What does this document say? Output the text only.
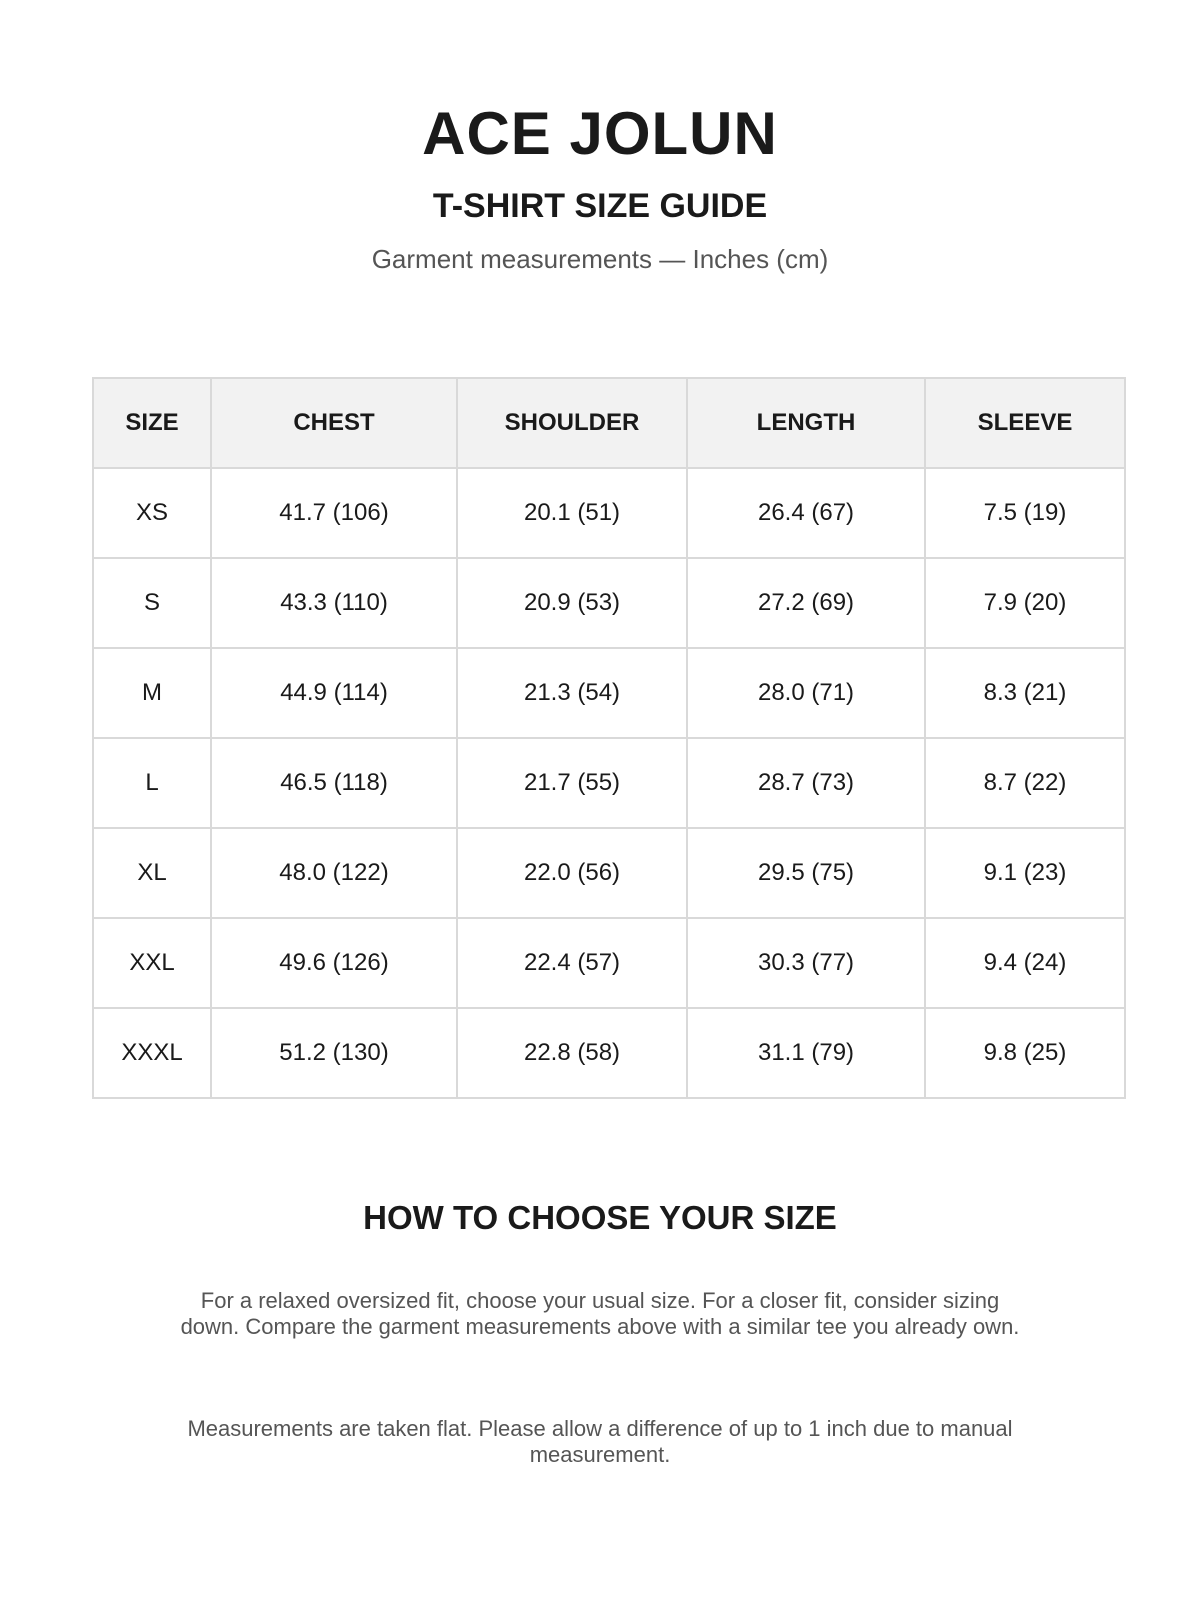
ACE JOLUN
T-SHIRT SIZE GUIDE
Garment measurements — Inches (cm)
SIZE	CHEST	SHOULDER	LENGTH	SLEEVE
XS	41.7 (106)	20.1 (51)	26.4 (67)	7.5 (19)
S	43.3 (110)	20.9 (53)	27.2 (69)	7.9 (20)
M	44.9 (114)	21.3 (54)	28.0 (71)	8.3 (21)
L	46.5 (118)	21.7 (55)	28.7 (73)	8.7 (22)
XL	48.0 (122)	22.0 (56)	29.5 (75)	9.1 (23)
XXL	49.6 (126)	22.4 (57)	30.3 (77)	9.4 (24)
XXXL	51.2 (130)	22.8 (58)	31.1 (79)	9.8 (25)
HOW TO CHOOSE YOUR SIZE
For a relaxed oversized fit, choose your usual size. For a closer fit, consider sizing down. Compare the garment measurements above with a similar tee you already own.
Measurements are taken flat. Please allow a difference of up to 1 inch due to manual measurement.
